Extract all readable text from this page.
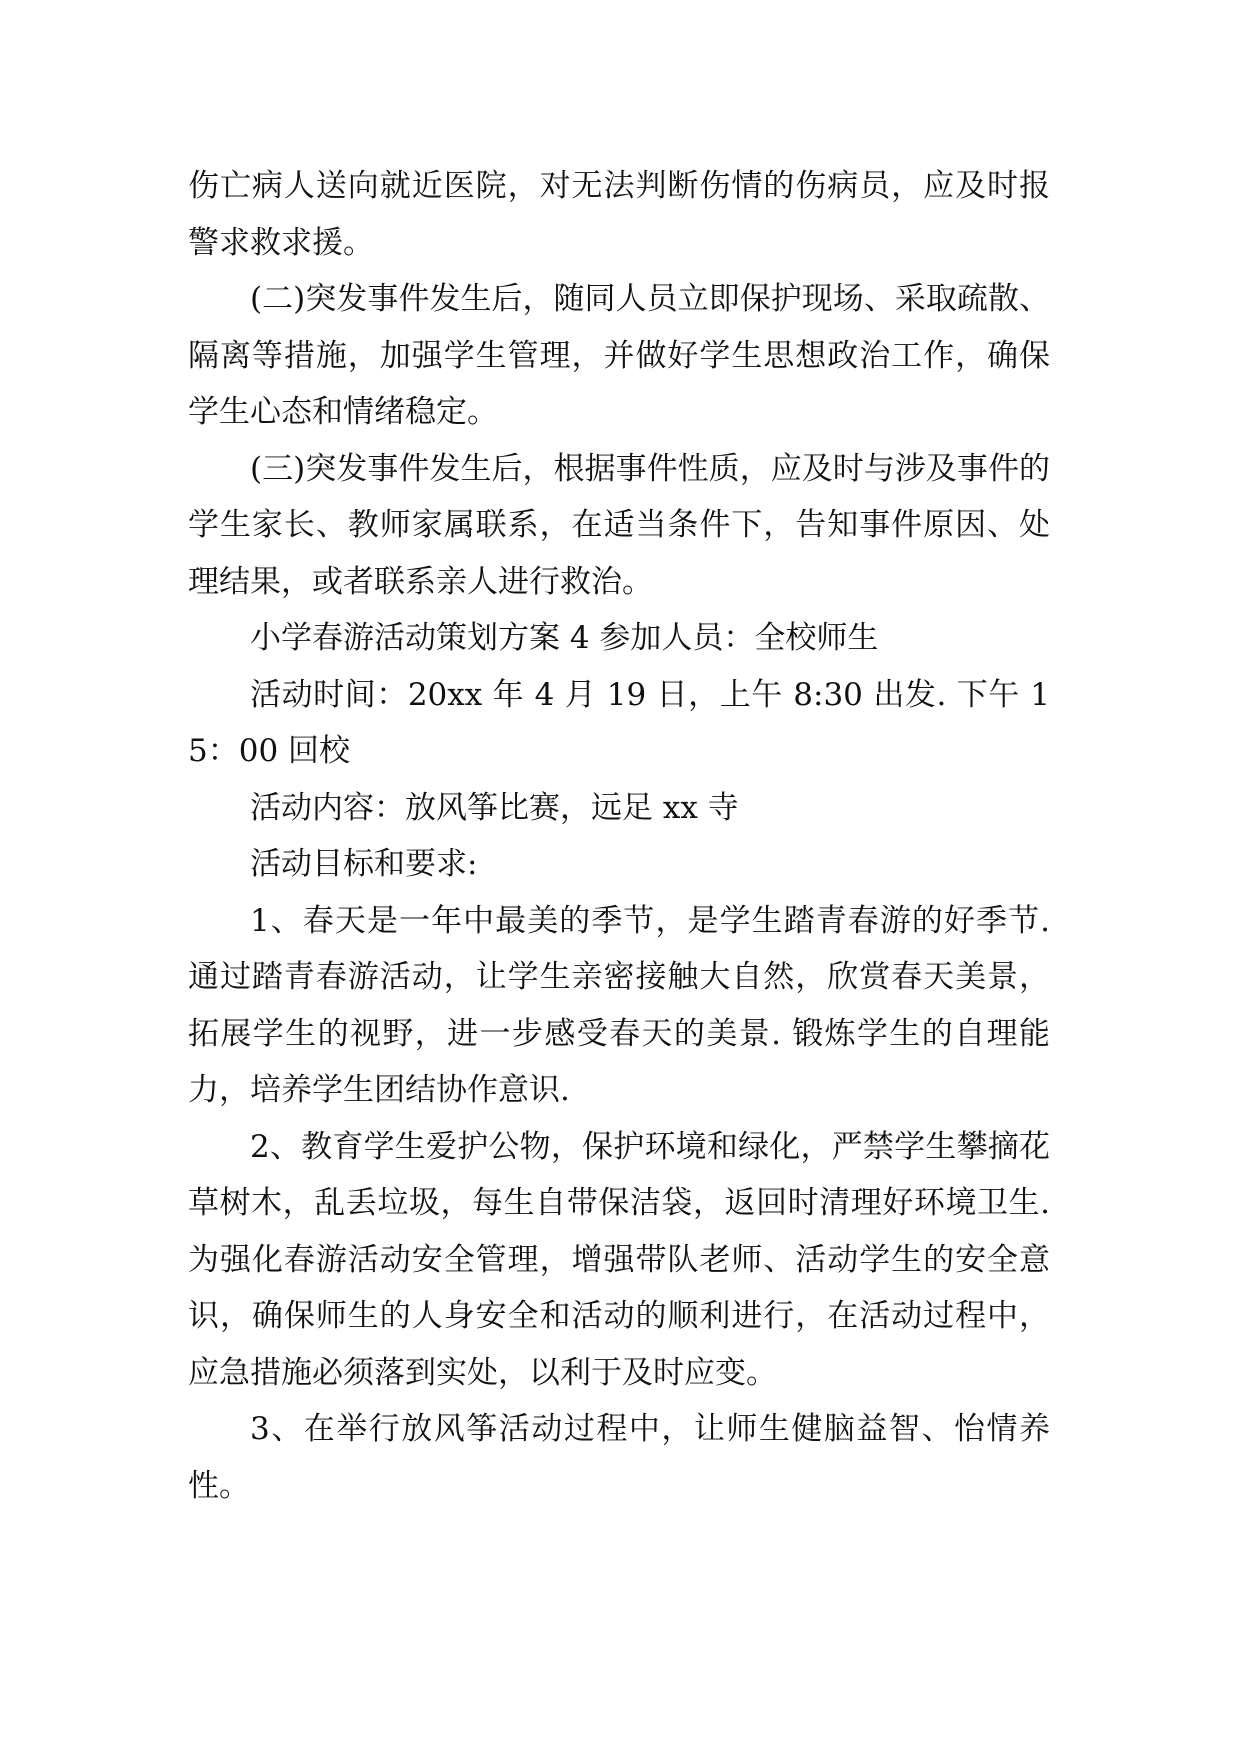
伤亡病人送向就近医院，对无法判断伤情的伤病员，应及时报警求救求援。

(二)突发事件发生后，随同人员立即保护现场、采取疏散、隔离等措施，加强学生管理，并做好学生思想政治工作，确保学生心态和情绪稳定。

(三)突发事件发生后，根据事件性质，应及时与涉及事件的学生家长、教师家属联系，在适当条件下，告知事件原因、处理结果，或者联系亲人进行救治。

小学春游活动策划方案 4 参加人员：全校师生

活动时间：20xx 年 4 月 19 日，上午 8:30 出发. 下午 15：00 回校

活动内容：放风筝比赛，远足 xx 寺

活动目标和要求:

1、春天是一年中最美的季节，是学生踏青春游的好季节. 通过踏青春游活动，让学生亲密接触大自然，欣赏春天美景，拓展学生的视野，进一步感受春天的美景. 锻炼学生的自理能力，培养学生团结协作意识.

2、教育学生爱护公物，保护环境和绿化，严禁学生攀摘花草树木，乱丢垃圾，每生自带保洁袋，返回时清理好环境卫生. 为强化春游活动安全管理，增强带队老师、活动学生的安全意识，确保师生的人身安全和活动的顺利进行，在活动过程中，应急措施必须落到实处，以利于及时应变。

3、在举行放风筝活动过程中，让师生健脑益智、怡情养性。
